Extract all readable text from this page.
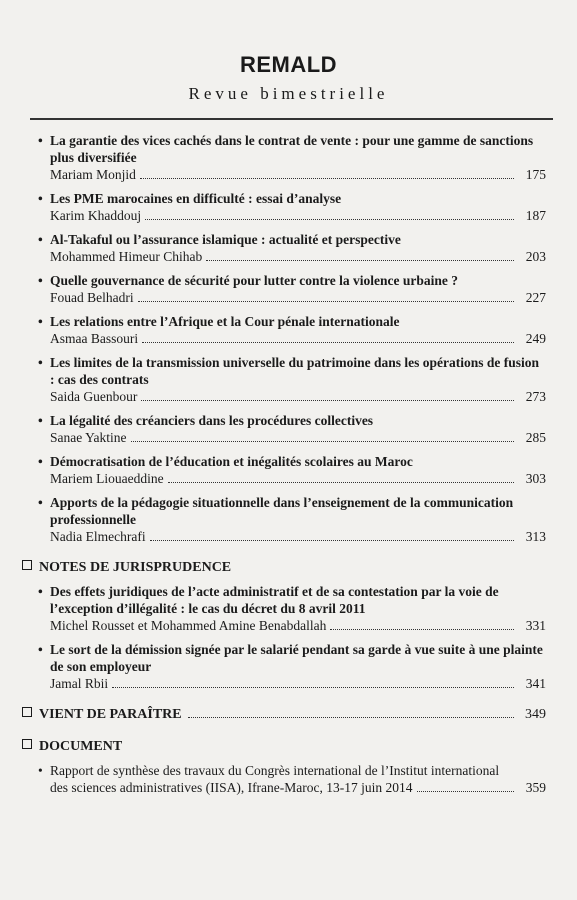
REMALD
Revue bimestrielle
• La garantie des vices cachés dans le contrat de vente : pour une gamme de sanctions plus diversifiée
Mariam Monjid	175
• Les PME marocaines en difficulté : essai d’analyse
Karim Khaddouj	187
• Al-Takaful ou l’assurance islamique : actualité et perspective
Mohammed Himeur Chihab	203
• Quelle gouvernance de sécurité pour lutter contre la violence urbaine ?
Fouad Belhadri	227
• Les relations entre l’Afrique et la Cour pénale internationale
Asmaa Bassouri	249
• Les limites de la transmission universelle du patrimoine dans les opérations de fusion : cas des contrats
Saida Guenbour	273
• La légalité des créanciers dans les procédures collectives
Sanae Yaktine	285
• Démocratisation de l’éducation et inégalités scolaires au Maroc
Mariem Liouaeddine	303
• Apports de la pédagogie situationnelle dans l’enseignement de la communication professionnelle
Nadia Elmechrafi	313
NOTES DE JURISPRUDENCE
• Des effets juridiques de l’acte administratif et de sa contestation par la voie de l’exception d’illégalité : le cas du décret du 8 avril 2011
Michel Rousset et Mohammed Amine Benabdallah	331
• Le sort de la démission signée par le salarié pendant sa garde à vue suite à une plainte de son employeur
Jamal Rbii	341
VIENT DE PARAÎTRE	349
DOCUMENT
• Rapport de synthèse des travaux du Congrès international de l’Institut international
des sciences administratives (IISA), Ifrane-Maroc, 13-17 juin 2014	359
